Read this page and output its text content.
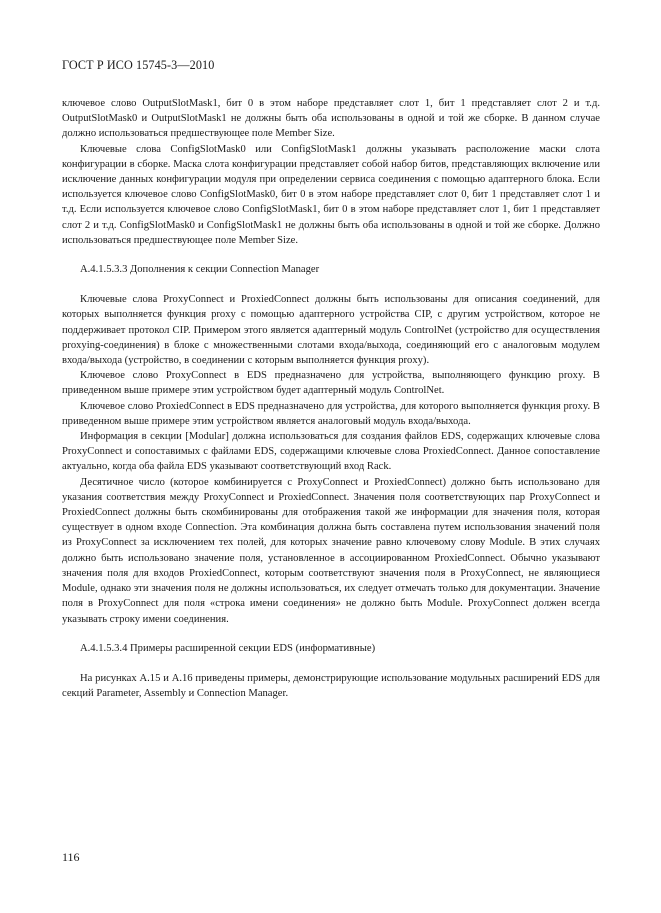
ГОСТ Р ИСО 15745-3—2010

ключевое слово OutputSlotMask1, бит 0 в этом наборе представляет слот 1, бит 1 представляет слот 2 и т.д. OutputSlotMask0 и OutputSlotMask1 не должны быть оба использованы в одной и той же сборке. В данном случае должно использоваться предшествующее поле Member Size.

Ключевые слова ConfigSlotMask0 или ConfigSlotMask1 должны указывать расположение маски слота конфигурации в сборке. Маска слота конфигурации представляет собой набор битов, представляющих включение или исключение данных конфигурации модуля при определении сервиса соединения с помощью адаптерного блока. Если используется ключевое слово ConfigSlotMask0, бит 0 в этом наборе представляет слот 0, бит 1 представляет слот 1 и т.д. Если используется ключевое слово ConfigSlotMask1, бит 0 в этом наборе представляет слот 1, бит 1 представляет слот 2 и т.д. ConfigSlotMask0 и ConfigSlotMask1 не должны быть оба использованы в одной и той же сборке. Должно использоваться предшествующее поле Member Size.

A.4.1.5.3.3 Дополнения к секции Connection Manager

Ключевые слова ProxyConnect и ProxiedConnect должны быть использованы для описания соединений, для которых выполняется функция proxy с помощью адаптерного устройства CIP, с другим устройством, которое не поддерживает протокол CIP. Примером этого является адаптерный модуль ControlNet (устройство для осуществления proxying-соединения) в блоке с множественными слотами входа/выхода, соединяющий его с аналоговым модулем входа/выхода (устройство, в соединении с которым выполняется функция proxy).

Ключевое слово ProxyConnect в EDS предназначено для устройства, выполняющего функцию proxy. В приведенном выше примере этим устройством будет адаптерный модуль ControlNet.

Ключевое слово ProxiedConnect в EDS предназначено для устройства, для которого выполняется функция proxy. В приведенном выше примере этим устройством является аналоговый модуль входа/выхода.

Информация в секции [Modular] должна использоваться для создания файлов EDS, содержащих ключевые слова ProxyConnect и сопоставимых с файлами EDS, содержащими ключевые слова ProxiedConnect. Данное сопоставление актуально, когда оба файла EDS указывают соответствующий вход Rack.

Десятичное число (которое комбинируется с ProxyConnect и ProxiedConnect) должно быть использовано для указания соответствия между ProxyConnect и ProxiedConnect. Значения поля соответствующих пар ProxyConnect и ProxiedConnect должны быть скомбинированы для отображения такой же информации для значения поля, которая существует в одном входе Connection. Эта комбинация должна быть составлена путем использования значений поля из ProxyConnect за исключением тех полей, для которых значение равно ключевому слову Module. В этих случаях должно быть использовано значение поля, установленное в ассоциированном ProxiedConnect. Обычно указывают значения поля для входов ProxiedConnect, которым соответствуют значения поля в ProxyConnect, не являющиеся Module, однако эти значения поля не должны использоваться, их следует отмечать только для документации. Значение поля в ProxyConnect для поля «строка имени соединения» не должно быть Module. ProxyConnect должен всегда указывать строку имени соединения.

A.4.1.5.3.4 Примеры расширенной секции EDS (информативные)

На рисунках A.15 и A.16 приведены примеры, демонстрирующие использование модульных расширений EDS для секций Parameter, Assembly и Connection Manager.

116
